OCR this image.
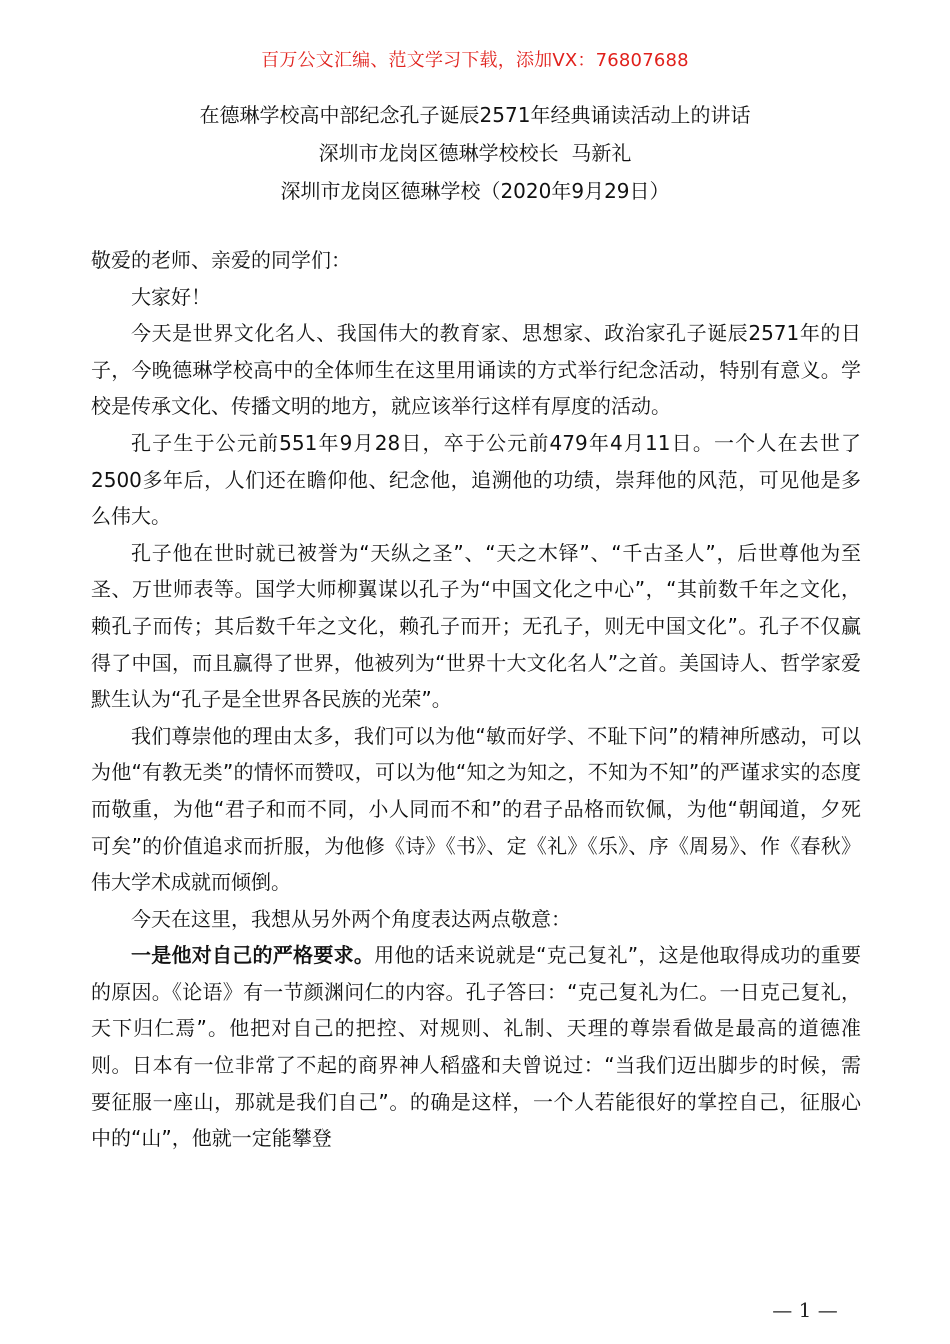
百万公文汇编、范文学习下载，添加VX：76807688
在德琳学校高中部纪念孔子诞辰2571年经典诵读活动上的讲话
深圳市龙岗区德琳学校校长  马新礼
深圳市龙岗区德琳学校（2020年9月29日）

敬爱的老师、亲爱的同学们：

大家好！

今天是世界文化名人、我国伟大的教育家、思想家、政治家孔子诞辰2571年的日子，今晚德琳学校高中的全体师生在这里用诵读的方式举行纪念活动，特别有意义。学校是传承文化、传播文明的地方，就应该举行这样有厚度的活动。

孔子生于公元前551年9月28日，卒于公元前479年4月11日。一个人在去世了2500多年后，人们还在瞻仰他、纪念他，追溯他的功绩，崇拜他的风范，可见他是多么伟大。

孔子他在世时就已被誉为“天纵之圣”、“天之木铎”、“千古圣人”，后世尊他为至圣、万世师表等。国学大师柳翼谋以孔子为“中国文化之中心”，“其前数千年之文化，赖孔子而传；其后数千年之文化，赖孔子而开；无孔子，则无中国文化”。孔子不仅赢得了中国，而且赢得了世界，他被列为“世界十大文化名人”之首。美国诗人、哲学家爱默生认为“孔子是全世界各民族的光荣”。

我们尊崇他的理由太多，我们可以为他“敏而好学、不耻下问”的精神所感动，可以为他“有教无类”的情怀而赞叹，可以为他“知之为知之，不知为不知”的严谨求实的态度而敬重，为他“君子和而不同，小人同而不和”的君子品格而钦佩，为他“朝闻道，夕死可矣”的价值追求而折服，为他修《诗》《书》、定《礼》《乐》、序《周易》、作《春秋》伟大学术成就而倾倒。

今天在这里，我想从另外两个角度表达两点敬意：

一是他对自己的严格要求。用他的话来说就是“克己复礼”，这是他取得成功的重要的原因。《论语》有一节颜渊问仁的内容。孔子答曰：“克己复礼为仁。一日克己复礼，天下归仁焉”。他把对自己的把控、对规则、礼制、天理的尊崇看做是最高的道德准则。日本有一位非常了不起的商界神人稻盛和夫曾说过：“当我们迈出脚步的时候，需要征服一座山，那就是我们自己”。的确是这样，一个人若能很好的掌控自己，征服心中的“山”，他就一定能攀登

— 1 —
